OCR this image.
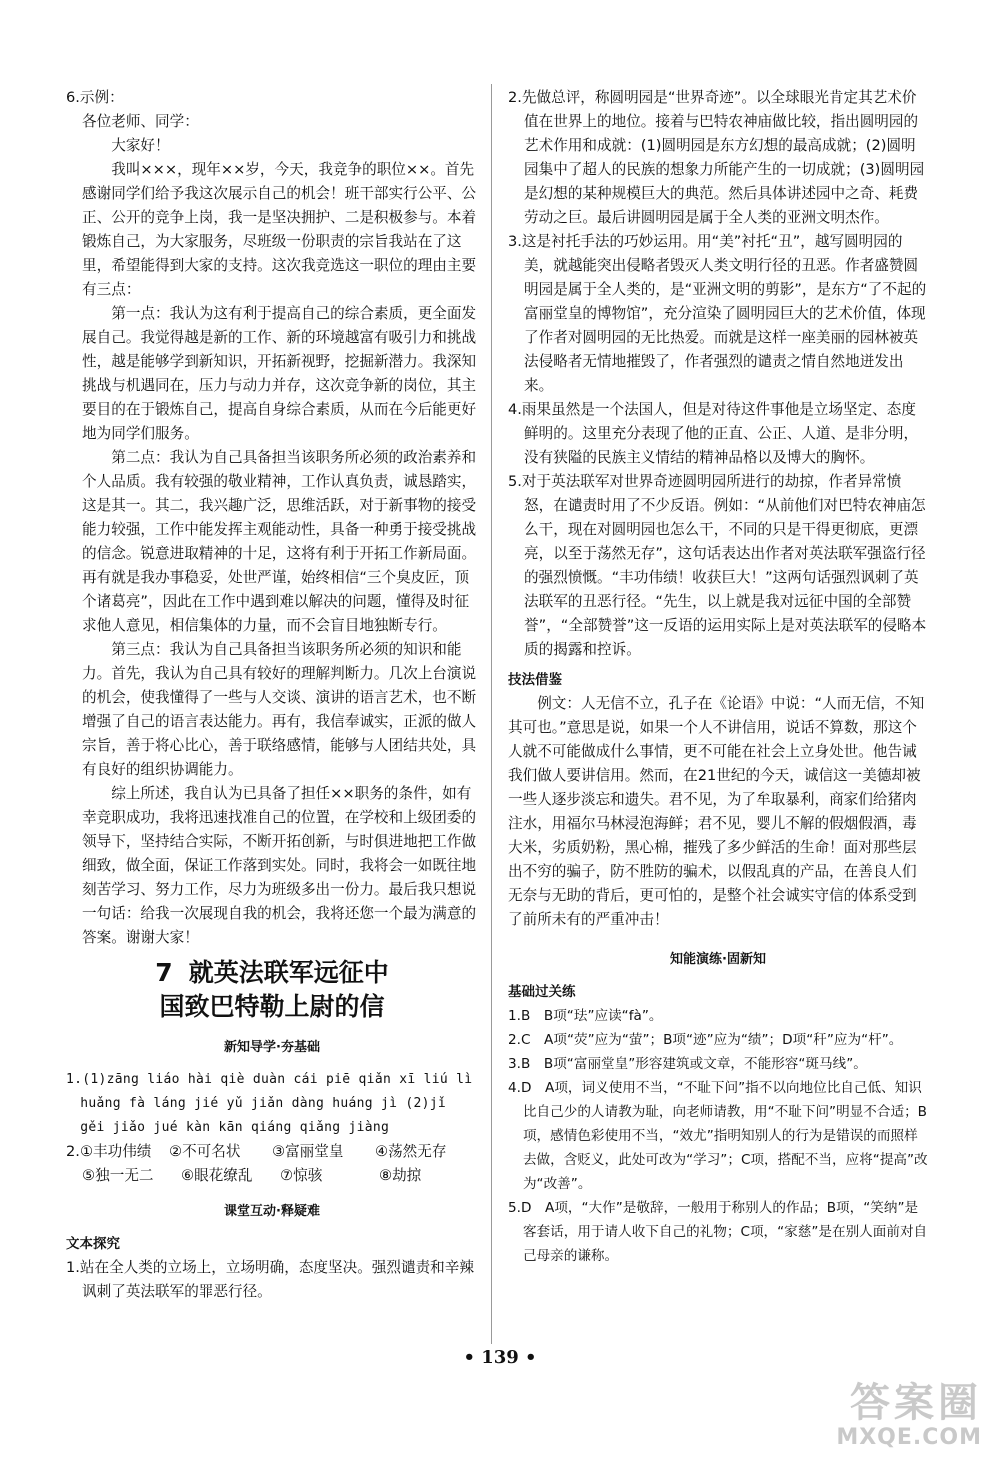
6.示例：

各位老师、同学：

大家好！

我叫×××，现年××岁，今天，我竞争的职位××。首先感谢同学们给予我这次展示自己的机会！班干部实行公平、公正、公开的竞争上岗，我一是坚决拥护、二是积极参与。本着锻炼自己，为大家服务，尽班级一份职责的宗旨我站在了这里，希望能得到大家的支持。这次我竞选这一职位的理由主要有三点：

第一点：我认为这有利于提高自己的综合素质，更全面发展自己。我觉得越是新的工作、新的环境越富有吸引力和挑战性，越是能够学到新知识，开拓新视野，挖掘新潜力。我深知挑战与机遇同在，压力与动力并存，这次竞争新的岗位，其主要目的在于锻炼自己，提高自身综合素质，从而在今后能更好地为同学们服务。

第二点：我认为自己具备担当该职务所必须的政治素养和个人品质。我有较强的敬业精神，工作认真负责，诚恳踏实，这是其一。其二，我兴趣广泛，思维活跃，对于新事物的接受能力较强，工作中能发挥主观能动性，具备一种勇于接受挑战的信念。锐意进取精神的十足，这将有利于开拓工作新局面。再有就是我办事稳妥，处世严谨，始终相信“三个臭皮匠，顶个诸葛亮”，因此在工作中遇到难以解决的问题，懂得及时征求他人意见，相信集体的力量，而不会盲目地独断专行。

第三点：我认为自己具备担当该职务所必须的知识和能力。首先，我认为自己具有较好的理解判断力。几次上台演说的机会，使我懂得了一些与人交谈、演讲的语言艺术，也不断增强了自己的语言表达能力。再有，我信奉诚实，正派的做人宗旨，善于将心比心，善于联络感情，能够与人团结共处，具有良好的组织协调能力。

综上所述，我自认为已具备了担任××职务的条件，如有幸竞职成功，我将迅速找准自己的位置，在学校和上级团委的领导下，坚持结合实际，不断开拓创新，与时俱进地把工作做细致，做全面，保证工作落到实处。同时，我将会一如既往地刻苦学习、努力工作，尽力为班级多出一份力。最后我只想说一句话：给我一次展现自我的机会，我将还您一个最为满意的答案。谢谢大家！

7 就英法联军远征中
国致巴特勒上尉的信
新知导学·夯基础

1.(1)zāng liáo hài qiè duàn cái piē qiǎn xī liú lì

huǎng fà láng jié yǔ jiǎn dàng huáng jì (2)jǐ

gěi jiǎo jué kàn kān qiáng qiǎng jiàng

2.①丰功伟绩	②不可名状	③富丽堂皇	④荡然无存
⑤独一无二	⑥眼花缭乱	⑦惊骇	⑧劫掠
课堂互动·释疑难

文本探究

1.站在全人类的立场上，立场明确，态度坚决。强烈谴责和辛辣讽刺了英法联军的罪恶行径。

2.先做总评，称圆明园是“世界奇迹”。以全球眼光肯定其艺术价值在世界上的地位。接着与巴特农神庙做比较，指出圆明园的艺术作用和成就：(1)圆明园是东方幻想的最高成就；(2)圆明园集中了超人的民族的想象力所能产生的一切成就；(3)圆明园是幻想的某种规模巨大的典范。然后具体讲述园中之奇、耗费劳动之巨。最后讲圆明园是属于全人类的亚洲文明杰作。

3.这是衬托手法的巧妙运用。用“美”衬托“丑”，越写圆明园的美，就越能突出侵略者毁灭人类文明行径的丑恶。作者盛赞圆明园是属于全人类的，是“亚洲文明的剪影”，是东方“了不起的富丽堂皇的博物馆”，充分渲染了圆明园巨大的艺术价值，体现了作者对圆明园的无比热爱。而就是这样一座美丽的园林被英法侵略者无情地摧毁了，作者强烈的谴责之情自然地迸发出来。

4.雨果虽然是一个法国人，但是对待这件事他是立场坚定、态度鲜明的。这里充分表现了他的正直、公正、人道、是非分明，没有狭隘的民族主义情结的精神品格以及博大的胸怀。

5.对于英法联军对世界奇迹圆明园所进行的劫掠，作者异常愤怒，在谴责时用了不少反语。例如：“从前他们对巴特农神庙怎么干，现在对圆明园也怎么干，不同的只是干得更彻底，更漂亮，以至于荡然无存”，这句话表达出作者对英法联军强盗行径的强烈愤慨。“丰功伟绩！收获巨大！”这两句话强烈讽刺了英法联军的丑恶行径。“先生，以上就是我对远征中国的全部赞誉”，“全部赞誉”这一反语的运用实际上是对英法联军的侵略本质的揭露和控诉。

技法借鉴

例文：人无信不立，孔子在《论语》中说：“人而无信，不知其可也。”意思是说，如果一个人不讲信用，说话不算数，那这个人就不可能做成什么事情，更不可能在社会上立身处世。他告诫我们做人要讲信用。然而，在21世纪的今天，诚信这一美德却被一些人逐步淡忘和遗失。君不见，为了牟取暴利，商家们给猪肉注水，用福尔马林浸泡海鲜；君不见，婴儿不解的假烟假酒，毒大米，劣质奶粉，黑心棉，摧残了多少鲜活的生命！面对那些层出不穷的骗子，防不胜防的骗术，以假乱真的产品，在善良人们无奈与无助的背后，更可怕的，是整个社会诚实守信的体系受到了前所未有的严重冲击！

知能演练·固新知

基础过关练

1.B　B项“珐”应读“fà”。

2.C　A项“荧”应为“萤”；B项“迹”应为“绩”；D项“秆”应为“杆”。

3.B　B项“富丽堂皇”形容建筑或文章，不能形容“斑马线”。

4.D　A项，词义使用不当，“不耻下问”指不以向地位比自己低、知识比自己少的人请教为耻，向老师请教，用“不耻下问”明显不合适；B项，感情色彩使用不当，“效尤”指明知别人的行为是错误的而照样去做，含贬义，此处可改为“学习”；C项，搭配不当，应将“提高”改为“改善”。

5.D　A项，“大作”是敬辞，一般用于称别人的作品；B项，“笑纳”是客套话，用于请人收下自己的礼物；C项，“家慈”是在别人面前对自己母亲的谦称。

• 139 •
答案圈
MXQE.COM
